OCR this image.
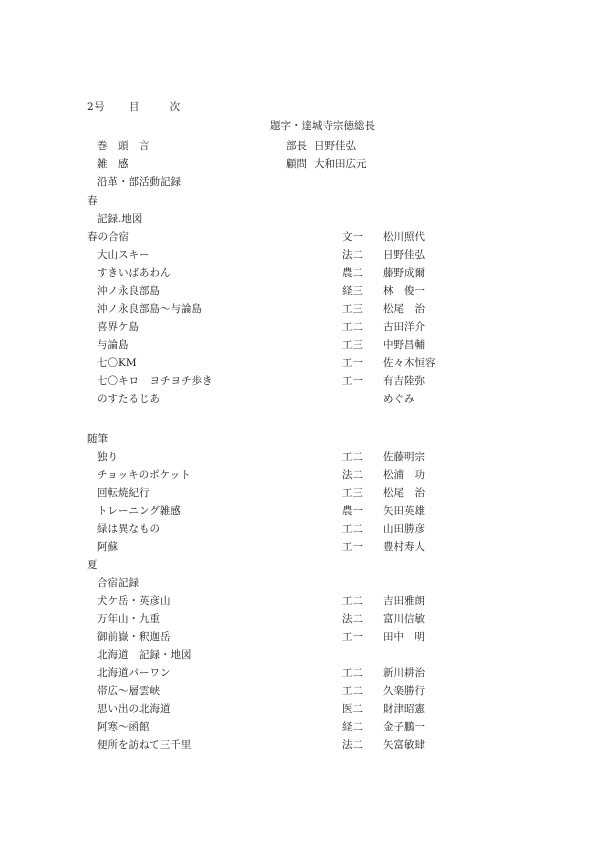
2号 目	次
題字・達城寺宗徳総長
巻　頭　言	部長 日野佳弘
雑　感	顧問 大和田広元
沿革・部活動記録
春
記録.地図
春の合宿	文一 松川照代
大山スキー	法二 日野佳弘
すきいばあわん	農二 藤野成爾
沖ノ永良部島	経三 林　俊一
沖ノ永良部島～与論島	工三 松尾　治
喜界ケ島	工二 古田洋介
与論島	工三 中野昌輔
七〇KM	工一 佐々木恒容
七〇キロ　ヨチヨチ歩き	工一 有吉陸弥
のすたるじあ	めぐみ
随筆
独り	工二 佐藤明宗
チョッキのポケット	法二 松浦　功
回転焼紀行	工三 松尾　治
トレーニング雑感	農一 矢田英雄
緑は異なもの	工二 山田勝彦
阿蘇	工一 豊村寿人
夏
合宿記録
犬ケ岳・英彦山	工二 吉田雅朗
万年山・九重	法二 富川信敏
御前嶽・釈迦岳	工一 田中　明
北海道　記録・地図
北海道パーワン	工二 新川耕治
帯広～層雲峡	工二 久楽勝行
思い出の北海道	医二 財津昭憲
阿寒～函館	経二 金子鵬一
便所を訪ねて三千里	法二 矢富敏肆
